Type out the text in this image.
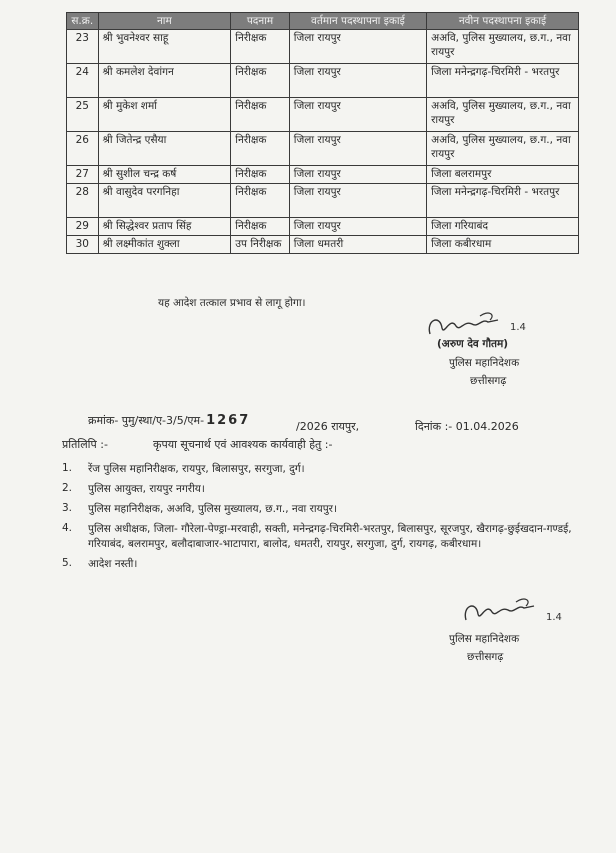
स.क्र.	नाम	पदनाम	वर्तमान पदस्थापना इकाई	नवीन पदस्थापना इकाई
23	श्री भुवनेश्वर साहू	निरीक्षक	जिला रायपुर	अअवि, पुलिस मुख्यालय, छ.ग., नवा रायपुर
24	श्री कमलेश देवांगन	निरीक्षक	जिला रायपुर	जिला मनेन्द्रगढ़-चिरमिरी - भरतपुर
25	श्री मुकेश शर्मा	निरीक्षक	जिला रायपुर	अअवि, पुलिस मुख्यालय, छ.ग., नवा रायपुर
26	श्री जितेन्द्र एसैया	निरीक्षक	जिला रायपुर	अअवि, पुलिस मुख्यालय, छ.ग., नवा रायपुर
27	श्री सुशील चन्द्र कर्ष	निरीक्षक	जिला रायपुर	जिला बलरामपुर
28	श्री वासुदेव परगनिहा	निरीक्षक	जिला रायपुर	जिला मनेन्द्रगढ़-चिरमिरी - भरतपुर
29	श्री सिद्धेश्वर प्रताप सिंह	निरीक्षक	जिला रायपुर	जिला गरियाबंद
30	श्री लक्ष्मीकांत शुक्ला	उप निरीक्षक	जिला धमतरी	जिला कबीरधाम
यह आदेश तत्काल प्रभाव से लागू होगा।
1.4
(अरुण देव गौतम)
पुलिस महानिदेशक
छत्तीसगढ़
क्रमांक- पुमु/स्था/ए-3/5/एम- 1267	/2026 रायपुर,	दिनांक :- 01.04.2026
प्रतिलिपि :-	कृपया सूचनार्थ एवं आवश्यक कार्यवाही हेतु :-
1.	रेंज पुलिस महानिरीक्षक, रायपुर, बिलासपुर, सरगुजा, दुर्ग।
2.	पुलिस आयुक्त, रायपुर नगरीय।
3.	पुलिस महानिरीक्षक, अअवि, पुलिस मुख्यालय, छ.ग., नवा रायपुर।
4.	पुलिस अधीक्षक, जिला- गौरेला-पेण्ड्रा-मरवाही, सक्ती, मनेन्द्रगढ़-चिरमिरी-भरतपुर, बिलासपुर, सूरजपुर, खैरागढ़-छुईखदान-गण्डई, गरियाबंद, बलरामपुर, बलौदाबाजार-भाटापारा, बालोद, धमतरी, रायपुर, सरगुजा, दुर्ग, रायगढ़, कबीरधाम।
5.	आदेश नस्ती।
1.4
पुलिस महानिदेशक
छत्तीसगढ़
